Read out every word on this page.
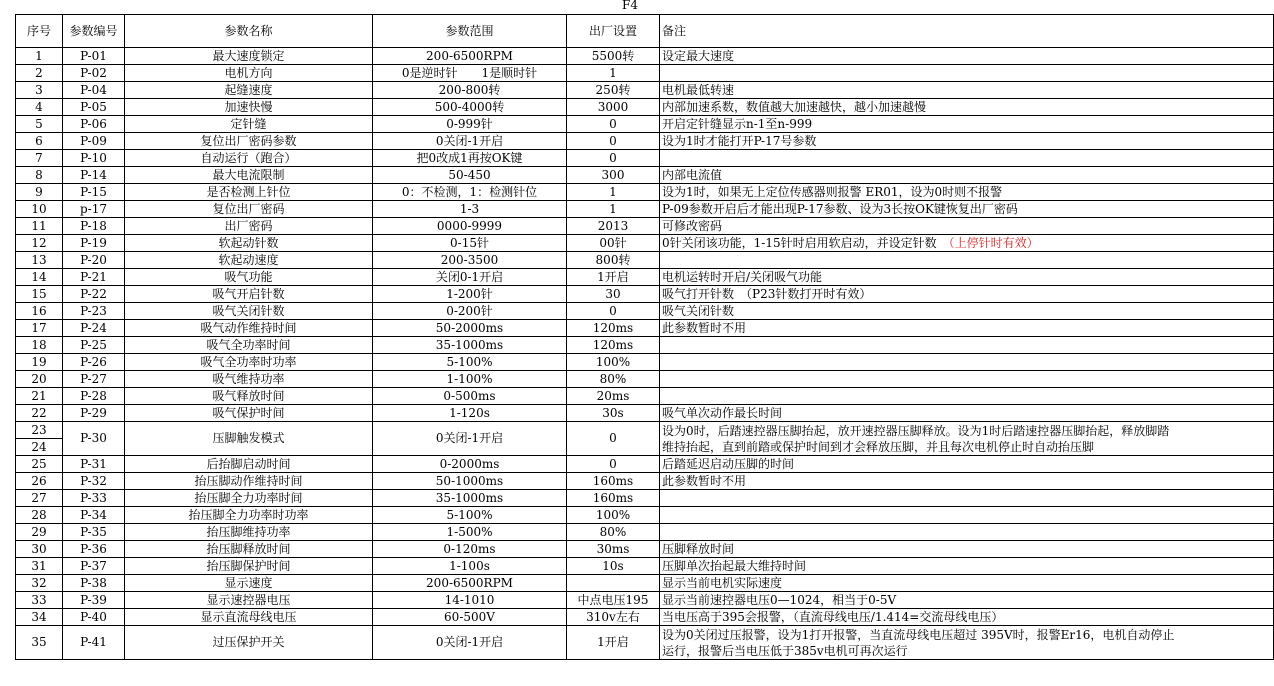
F4
序号	参数编号	参数名称	参数范围	出厂设置	备注
1	P-01	最大速度锁定	200-6500RPM	5500转	设定最大速度
2	P-02	电机方向	0是逆时针　　1是顺时针	1	
3	P-04	起缝速度	200-800转	250转	电机最低转速
4	P-05	加速快慢	500-4000转	3000	内部加速系数，数值越大加速越快，越小加速越慢
5	P-06	定针缝	0-999针	0	开启定针缝显示n-1至n-999
6	P-09	复位出厂密码参数	0关闭-1开启	0	设为1时才能打开P-17号参数
7	P-10	自动运行（跑合）	把0改成1再按OK键	0	
8	P-14	最大电流限制	50-450	300	内部电流值
9	P-15	是否检测上针位	0：不检测，1：检测针位	1	设为1时，如果无上定位传感器则报警 ER01，设为0时则不报警
10	p-17	复位出厂密码	1-3	1	P-09参数开启后才能出现P-17参数、设为3长按OK键恢复出厂密码
11	P-18	出厂密码	0000-9999	2013	可修改密码
12	P-19	软起动针数	0-15针	00针	0针关闭该功能，1-15针时启用软启动，并设定针数　（上停针时有效）
13	P-20	软起动速度	200-3500	800转	
14	P-21	吸气功能	关闭0-1开启	1开启	电机运转时开启/关闭吸气功能
15	P-22	吸气开启针数	1-200针	30	吸气打开针数　（P23针数打开时有效）
16	P-23	吸气关闭针数	0-200针	0	吸气关闭针数
17	P-24	吸气动作维持时间	50-2000ms	120ms	此参数暂时不用
18	P-25	吸气全功率时间	35-1000ms	120ms	
19	P-26	吸气全功率时功率	5-100%	100%	
20	P-27	吸气维持功率	1-100%	80%	
21	P-28	吸气释放时间	0-500ms	20ms	
22	P-29	吸气保护时间	1-120s	30s	吸气单次动作最长时间
23	P-30	压脚触发模式	0关闭-1开启	0	设为0时，后踏速控器压脚抬起，放开速控器压脚释放。设为1时后踏速控器压脚抬起，释放脚踏
维持抬起，直到前踏或保护时间到才会释放压脚，并且每次电机停止时自动抬压脚

24					
25	P-31	后抬脚启动时间	0-2000ms	0	后踏延迟启动压脚的时间
26	P-32	抬压脚动作维持时间	50-1000ms	160ms	此参数暂时不用
27	P-33	抬压脚全力功率时间	35-1000ms	160ms	
28	P-34	抬压脚全力功率时功率	5-100%	100%	
29	P-35	抬压脚维持功率	1-500%	80%	
30	P-36	抬压脚释放时间	0-120ms	30ms	压脚释放时间
31	P-37	抬压脚保护时间	1-100s	10s	压脚单次抬起最大维持时间
32	P-38	显示速度	200-6500RPM		显示当前电机实际速度
33	P-39	显示速控器电压	14-1010	中点电压195	显示当前速控器电压0—1024，相当于0-5V
34	P-40	显示直流母线电压	60-500V	310v左右	当电压高于395会报警，（直流母线电压/1.414=交流母线电压）
35	P-41	过压保护开关	0关闭-1开启	1开启	设为0关闭过压报警，设为1打开报警，当直流母线电压超过 395V时，报警Er16，电机自动停止
运行，报警后当电压低于385v电机可再次运行
